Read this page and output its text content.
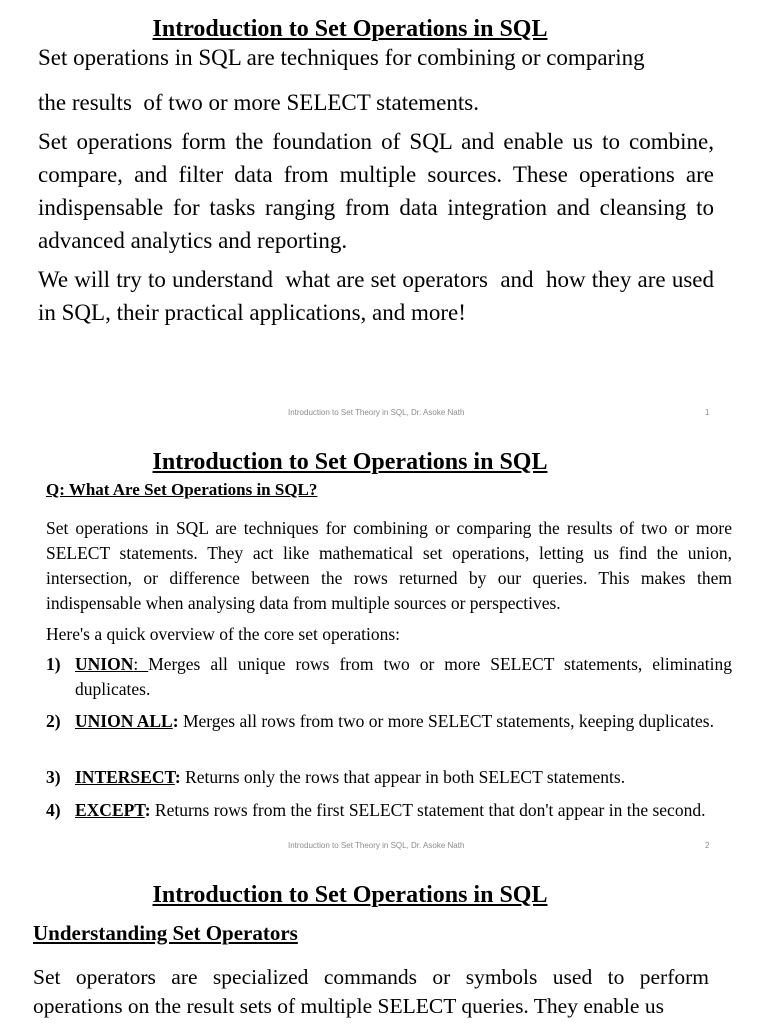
Introduction to Set Operations in SQL

Set operations in SQL are techniques for combining or comparing

the results  of two or more SELECT statements.

Set operations form the foundation of SQL and enable us to combine, compare, and filter data from multiple sources. These operations are indispensable for tasks ranging from data integration and cleansing to advanced analytics and reporting.

We will try to understand  what are set operators  and  how they are used in SQL, their practical applications, and more!

Introduction to Set Theory in SQL, Dr. Asoke Nath	1
Introduction to Set Operations in SQL
Q: What Are Set Operations in SQL?

Set operations in SQL are techniques for combining or comparing the results of two or more SELECT statements. They act like mathematical set operations, letting us find the union, intersection, or difference between the rows returned by our queries. This makes them indispensable when analysing data from multiple sources or perspectives.

Here's a quick overview of the core set operations:

1) UNION: Merges all unique rows from two or more SELECT statements, eliminating duplicates.
2) UNION ALL: Merges all rows from two or more SELECT statements, keeping duplicates.
3) INTERSECT: Returns only the rows that appear in both SELECT statements.
4) EXCEPT: Returns rows from the first SELECT statement that don't appear in the second.
Introduction to Set Theory in SQL, Dr. Asoke Nath	2
Introduction to Set Operations in SQL
Understanding Set Operators

Set operators are specialized commands or symbols used to perform operations on the result sets of multiple SELECT queries. They enable us
